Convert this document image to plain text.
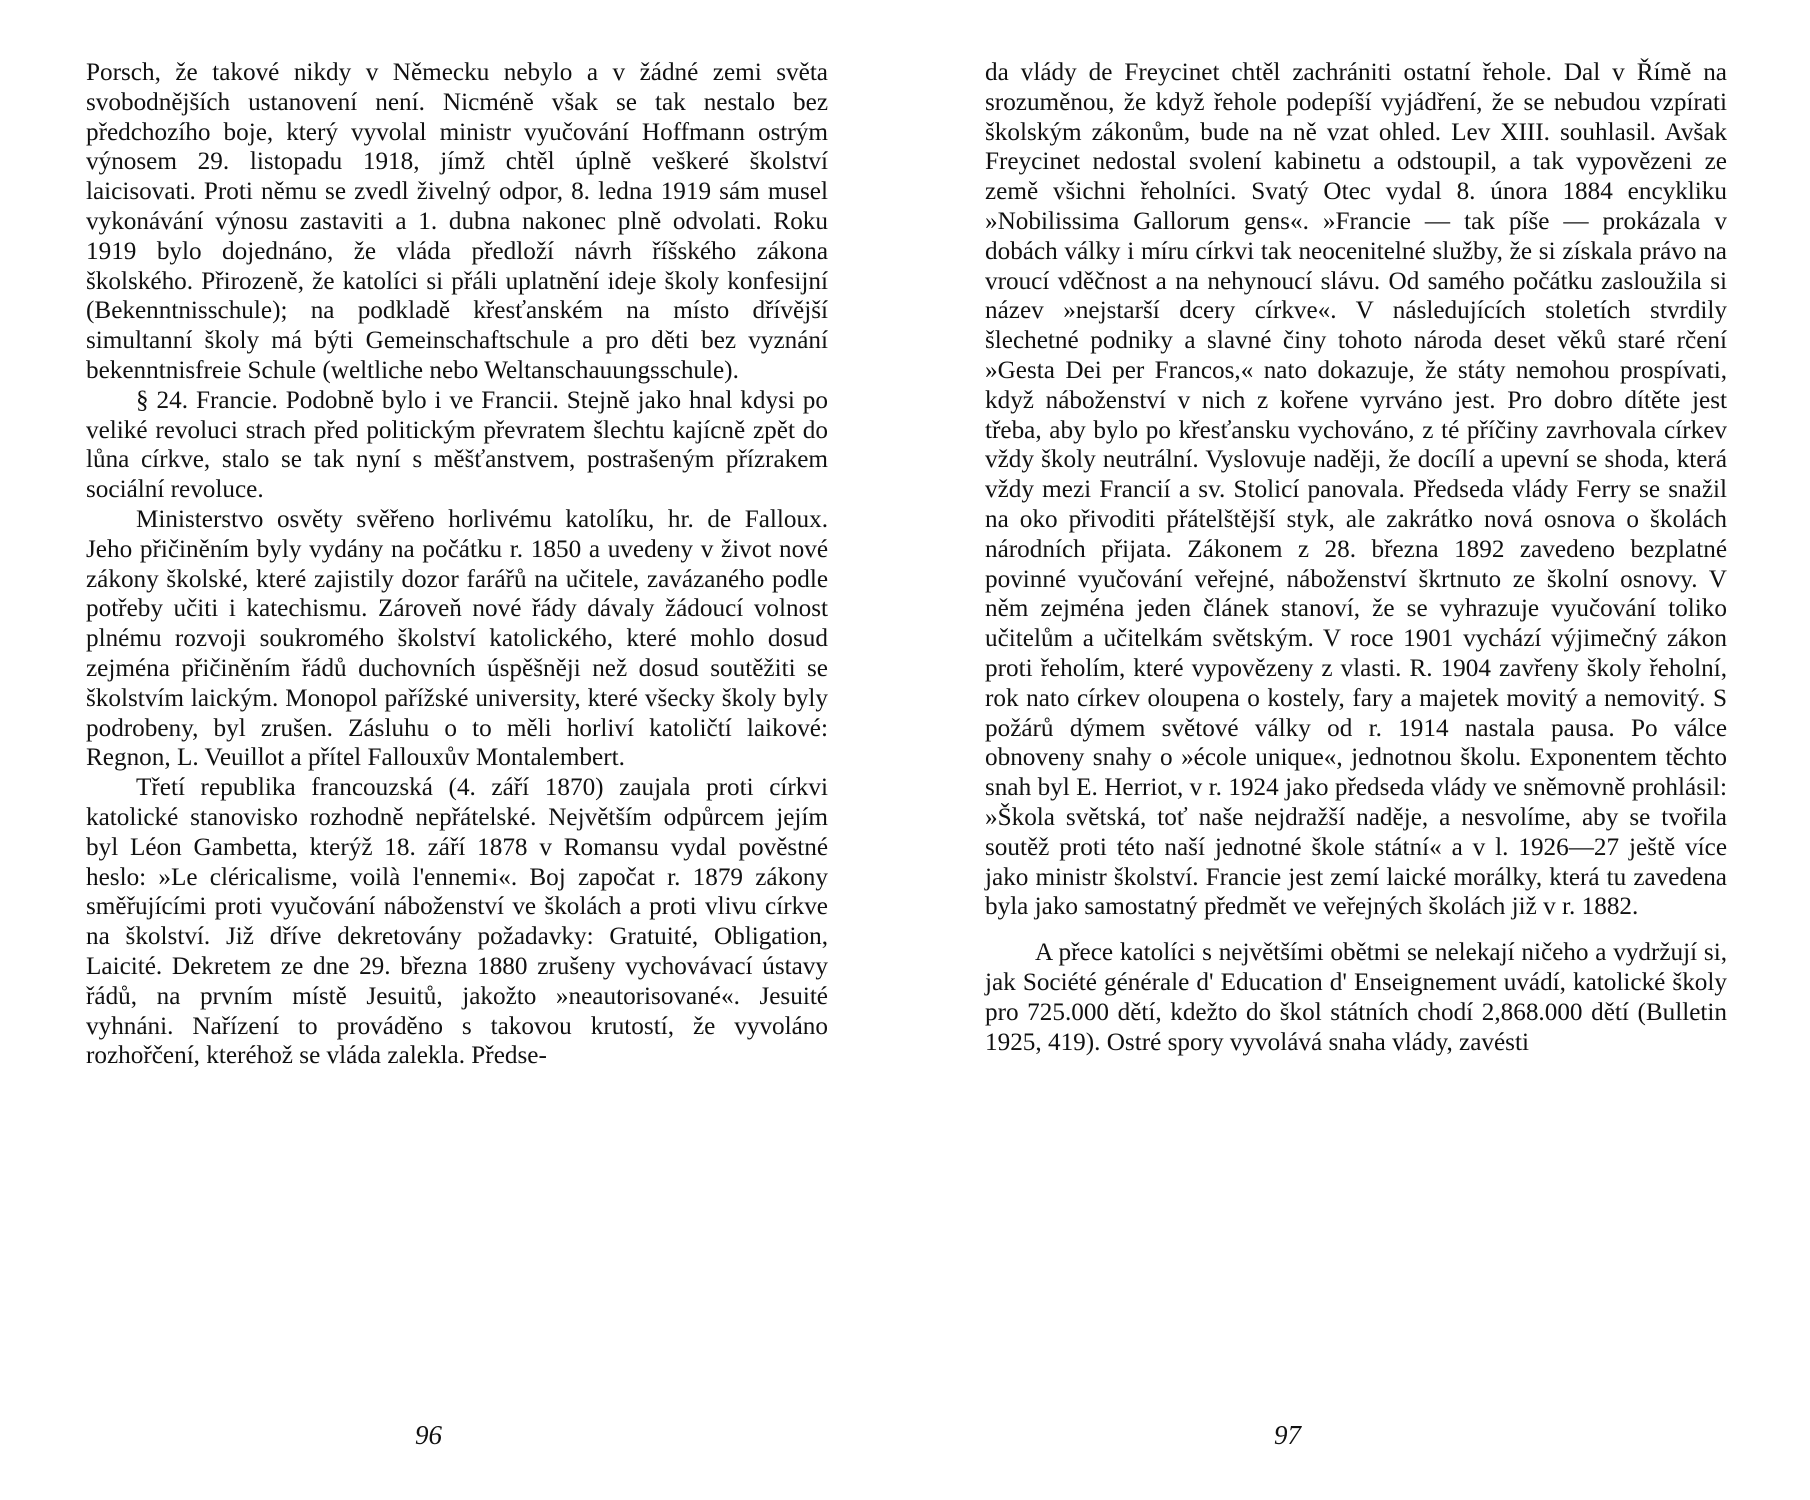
Porsch, že takové nikdy v Německu nebylo a v žádné zemi světa svobodnějších ustanovení není. Nicméně však se tak nestalo bez předchozího boje, který vyvolal ministr vyučování Hoffmann ostrým výnosem 29. listopadu 1918, jímž chtěl úplně veškeré školství laicisovati. Proti němu se zvedl živelný odpor, 8. ledna 1919 sám musel vykonávání výnosu zastaviti a 1. dubna nakonec plně odvolati. Roku 1919 bylo dojednáno, že vláda předloží návrh říšského zákona školského. Přirozeně, že katolíci si přáli uplatnění ideje školy konfesijní (Bekenntnisschule); na podkladě křesťanském na místo dřívější simultanní školy má býti Gemeinschaftschule a pro děti bez vyznání bekenntnisfreie Schule (weltliche nebo Weltanschauungsschule).

§ 24. Francie. Podobně bylo i ve Francii. Stejně jako hnal kdysi po veliké revoluci strach před politickým převratem šlechtu kajícně zpět do lůna církve, stalo se tak nyní s měšťanstvem, postrašeným přízrakem sociální revoluce.

Ministerstvo osvěty svěřeno horlivému katolíku, hr. de Falloux. Jeho přičiněním byly vydány na počátku r. 1850 a uvedeny v život nové zákony školské, které zajistily dozor farářů na učitele, zavázaného podle potřeby učiti i katechismu. Zároveň nové řády dávaly žádoucí volnost plnému rozvoji soukromého školství katolického, které mohlo dosud zejména přičiněním řádů duchovních úspěšněji než dosud soutěžiti se školstvím laickým. Monopol pařížské university, které všecky školy byly podrobeny, byl zrušen. Zásluhu o to měli horliví katoličtí laikové: Regnon, L. Veuillot a přítel Fallouxův Montalembert.

Třetí republika francouzská (4. září 1870) zaujala proti církvi katolické stanovisko rozhodně nepřátelské. Největším odpůrcem jejím byl Léon Gambetta, kterýž 18. září 1878 v Romansu vydal pověstné heslo: »Le cléricalisme, voilà l'ennemi«. Boj započat r. 1879 zákony směřujícími proti vyučování náboženství ve školách a proti vlivu církve na školství. Již dříve dekretovány požadavky: Gratuité, Obligation, Laicité. Dekretem ze dne 29. března 1880 zrušeny vychovávací ústavy řádů, na prvním místě Jesuitů, jakožto »neautorisované«. Jesuité vyhnáni. Nařízení to prováděno s takovou krutostí, že vyvoláno rozhořčení, kteréhož se vláda zalekla. Předse-

96

da vlády de Freycinet chtěl zachrániti ostatní řehole. Dal v Římě na srozuměnou, že když řehole podepíší vyjádření, že se nebudou vzpírati školským zákonům, bude na ně vzat ohled. Lev XIII. souhlasil. Avšak Freycinet nedostal svolení kabinetu a odstoupil, a tak vypovězeni ze země všichni řeholníci. Svatý Otec vydal 8. února 1884 encykliku »Nobilissima Gallorum gens«. »Francie — tak píše — prokázala v dobách války i míru církvi tak neocenitelné služby, že si získala právo na vroucí vděčnost a na nehynoucí slávu. Od samého počátku zasloužila si název »nejstarší dcery církve«. V následujících stoletích stvrdily šlechetné podniky a slavné činy tohoto národa deset věků staré rčení »Gesta Dei per Francos,« nato dokazuje, že státy nemohou prospívati, když náboženství v nich z kořene vyrváno jest. Pro dobro dítěte jest třeba, aby bylo po křesťansku vychováno, z té příčiny zavrhovala církev vždy školy neutrální. Vyslovuje naději, že docílí a upevní se shoda, která vždy mezi Francií a sv. Stolicí panovala. Předseda vlády Ferry se snažil na oko přivoditi přátelštější styk, ale zakrátko nová osnova o školách národních přijata. Zákonem z 28. března 1892 zavedeno bezplatné povinné vyučování veřejné, náboženství škrtnuto ze školní osnovy. V něm zejména jeden článek stanoví, že se vyhrazuje vyučování toliko učitelům a učitelkám světským. V roce 1901 vychází výjimečný zákon proti řeholím, které vypovězeny z vlasti. R. 1904 zavřeny školy řeholní, rok nato církev oloupena o kostely, fary a majetek movitý a nemovitý. S požárů dýmem světové války od r. 1914 nastala pausa. Po válce obnoveny snahy o »école unique«, jednotnou školu. Exponentem těchto snah byl E. Herriot, v r. 1924 jako předseda vlády ve sněmovně prohlásil: »Škola světská, toť naše nejdražší naděje, a nesvolíme, aby se tvořila soutěž proti této naší jednotné škole státní« a v l. 1926—27 ještě více jako ministr školství. Francie jest zemí laické morálky, která tu zavedena byla jako samostatný předmět ve veřejných školách již v r. 1882.

A přece katolíci s největšími obětmi se nelekají ničeho a vydržují si, jak Société générale d' Education d' Enseignement uvádí, katolické školy pro 725.000 dětí, kdežto do škol státních chodí 2,868.000 dětí (Bulletin 1925, 419). Ostré spory vyvolává snaha vlády, zavésti

97
